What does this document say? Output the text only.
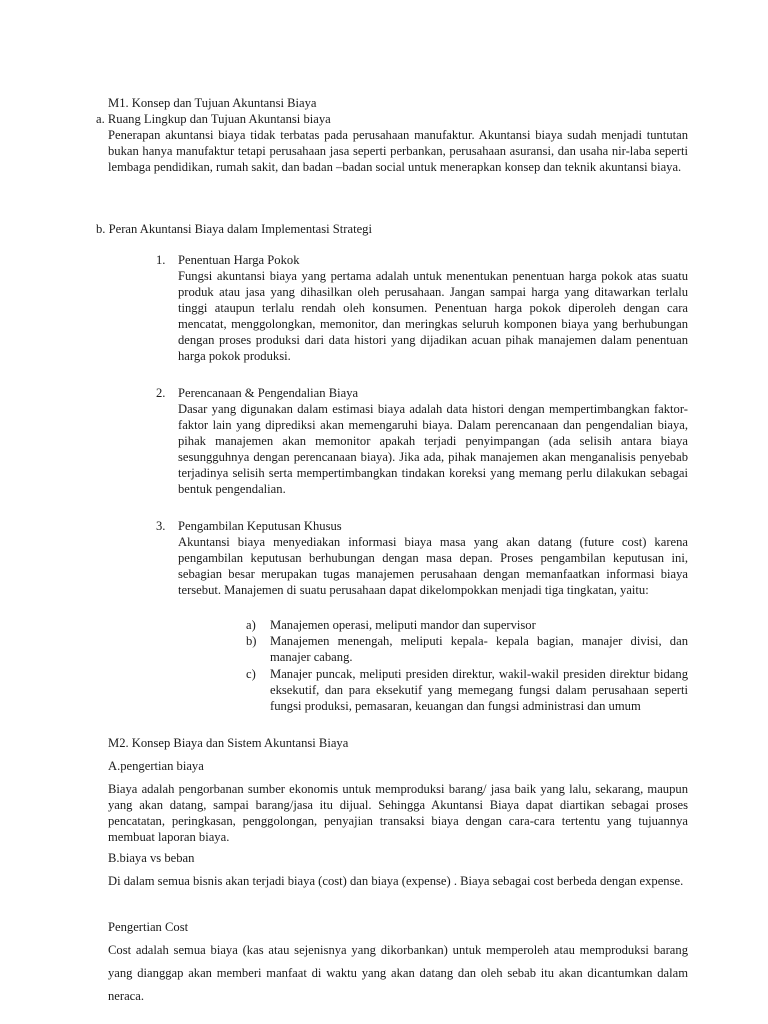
M1. Konsep dan Tujuan Akuntansi Biaya
a. Ruang Lingkup dan Tujuan Akuntansi biaya

Penerapan akuntansi biaya tidak terbatas pada perusahaan manufaktur. Akuntansi biaya sudah menjadi tuntutan bukan hanya manufaktur tetapi perusahaan jasa seperti perbankan, perusahaan asuransi, dan usaha nir-laba seperti lembaga pendidikan, rumah sakit, dan badan –badan social untuk menerapkan konsep dan teknik akuntansi biaya.

b. Peran Akuntansi Biaya dalam Implementasi Strategi
1. Penentuan Harga Pokok

Fungsi akuntansi biaya yang pertama adalah untuk menentukan penentuan harga pokok atas suatu produk atau jasa yang dihasilkan oleh perusahaan. Jangan sampai harga yang ditawarkan terlalu tinggi ataupun terlalu rendah oleh konsumen. Penentuan harga pokok diperoleh dengan cara mencatat, menggolongkan, memonitor, dan meringkas seluruh komponen biaya yang berhubungan dengan proses produksi dari data histori yang dijadikan acuan pihak manajemen dalam penentuan harga pokok produksi.

2. Perencanaan & Pengendalian Biaya

Dasar yang digunakan dalam estimasi biaya adalah data histori dengan mempertimbangkan faktor-faktor lain yang diprediksi akan memengaruhi biaya. Dalam perencanaan dan pengendalian biaya, pihak manajemen akan memonitor apakah terjadi penyimpangan (ada selisih antara biaya sesungguhnya dengan perencanaan biaya). Jika ada, pihak manajemen akan menganalisis penyebab terjadinya selisih serta mempertimbangkan tindakan koreksi yang memang perlu dilakukan sebagai bentuk pengendalian.

3. Pengambilan Keputusan Khusus

Akuntansi biaya menyediakan informasi biaya masa yang akan datang (future cost) karena pengambilan keputusan berhubungan dengan masa depan. Proses pengambilan keputusan ini, sebagian besar merupakan tugas manajemen perusahaan dengan memanfaatkan informasi biaya tersebut. Manajemen di suatu perusahaan dapat dikelompokkan menjadi tiga tingkatan, yaitu:

a) Manajemen operasi, meliputi mandor dan supervisor

b) Manajemen menengah, meliputi kepala- kepala bagian, manajer divisi, dan manajer cabang.

c) Manajer puncak, meliputi presiden direktur, wakil-wakil presiden direktur bidang eksekutif, dan para eksekutif yang memegang fungsi dalam perusahaan seperti fungsi produksi, pemasaran, keuangan dan fungsi administrasi dan umum

M2. Konsep Biaya dan Sistem Akuntansi Biaya
A.pengertian biaya

Biaya adalah pengorbanan sumber ekonomis untuk memproduksi barang/ jasa baik yang lalu, sekarang, maupun yang akan datang, sampai barang/jasa itu dijual. Sehingga Akuntansi Biaya dapat diartikan sebagai proses pencatatan, peringkasan, penggolongan, penyajian transaksi biaya dengan cara-cara tertentu yang tujuannya membuat laporan biaya.

B.biaya vs beban

Di dalam semua bisnis akan terjadi biaya (cost) dan biaya (expense) . Biaya sebagai cost berbeda dengan expense.

Pengertian Cost

Cost adalah semua biaya (kas atau sejenisnya yang dikorbankan) untuk memperoleh atau memproduksi barang yang dianggap akan memberi manfaat di waktu yang akan datang dan oleh sebab itu akan dicantumkan dalam neraca.
